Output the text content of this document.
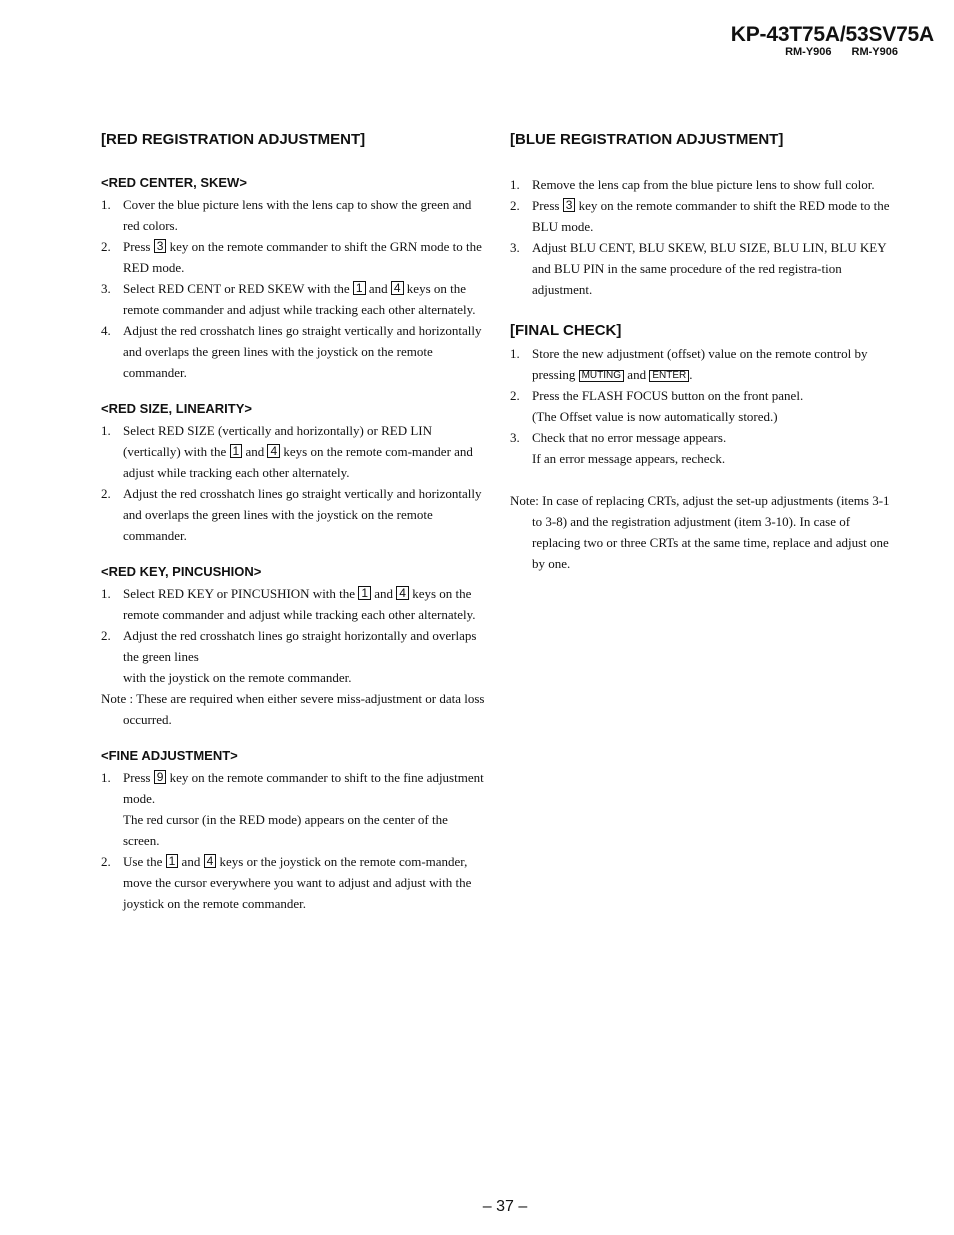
KP-43T75A/53SV75A
RM-Y906 RM-Y906
[RED REGISTRATION ADJUSTMENT]
<RED CENTER, SKEW>
1. Cover the blue picture lens with the lens cap to show the green and red colors.
2. Press 3 key on the remote commander to shift the GRN mode to the RED mode.
3. Select RED CENT or RED SKEW with the 1 and 4 keys on the remote commander and adjust while tracking each other alternately.
4. Adjust the red crosshatch lines go straight vertically and horizontally and overlaps the green lines with the joystick on the remote commander.
<RED SIZE, LINEARITY>
1. Select RED SIZE (vertically and horizontally) or RED LIN (vertically) with the 1 and 4 keys on the remote com-mander and adjust while tracking each other alternately.
2. Adjust the red crosshatch lines go straight vertically and horizontally and overlaps the green lines with the joystick on the remote commander.
<RED KEY, PINCUSHION>
1. Select RED KEY or PINCUSHION with the 1 and 4 keys on the remote commander and adjust while tracking each other alternately.
2. Adjust the red crosshatch lines go straight horizontally and overlaps the green lines
with the joystick on the remote commander.
Note : These are required when either severe miss-adjustment or data loss occurred.
<FINE ADJUSTMENT>
1. Press 9 key on the remote commander to shift to the fine adjustment mode.
The red cursor (in the RED mode) appears on the center of the screen.
2. Use the 1 and 4 keys or the joystick on the remote com-mander, move the cursor everywhere you want to adjust and adjust with the joystick on the remote commander.
[BLUE REGISTRATION ADJUSTMENT]
1. Remove the lens cap from the blue picture lens to show full color.
2. Press 3 key on the remote commander to shift the RED mode to the BLU mode.
3. Adjust BLU CENT, BLU SKEW, BLU SIZE, BLU LIN, BLU KEY and BLU PIN in the same procedure of the red registra-tion adjustment.
[FINAL CHECK]
1. Store the new adjustment (offset) value on the remote control by pressing MUTING and ENTER .
2. Press the FLASH FOCUS button on the front panel.
(The Offset value is now automatically stored.)
3. Check that no error message appears.
If an error message appears, recheck.
Note: In case of replacing CRTs, adjust the set-up adjustments (items 3-1 to 3-8) and the registration adjustment (item 3-10). In case of replacing two or three CRTs at the same time, replace and adjust one by one.
– 37 –
